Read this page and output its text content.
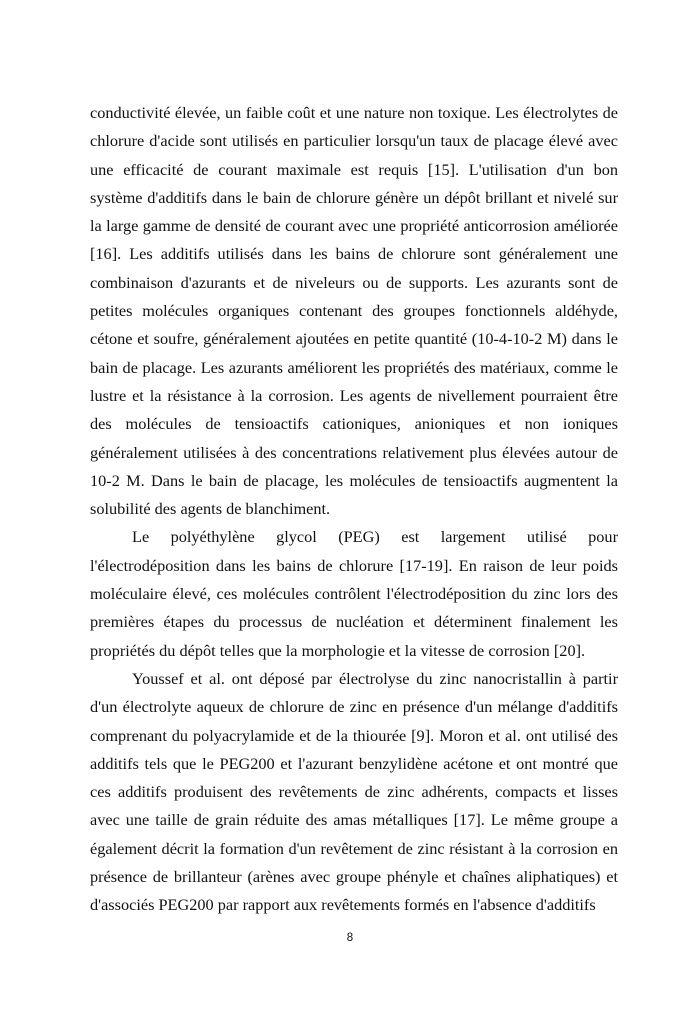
conductivité élevée, un faible coût et une nature non toxique. Les électrolytes de chlorure d'acide sont utilisés en particulier lorsqu'un taux de placage élevé avec une efficacité de courant maximale est requis [15]. L'utilisation d'un bon système d'additifs dans le bain de chlorure génère un dépôt brillant et nivelé sur la large gamme de densité de courant avec une propriété anticorrosion améliorée [16]. Les additifs utilisés dans les bains de chlorure sont généralement une combinaison d'azurants et de niveleurs ou de supports. Les azurants sont de petites molécules organiques contenant des groupes fonctionnels aldéhyde, cétone et soufre, généralement ajoutées en petite quantité (10-4-10-2 M) dans le bain de placage. Les azurants améliorent les propriétés des matériaux, comme le lustre et la résistance à la corrosion. Les agents de nivellement pourraient être des molécules de tensioactifs cationiques, anioniques et non ioniques généralement utilisées à des concentrations relativement plus élevées autour de 10-2 M. Dans le bain de placage, les molécules de tensioactifs augmentent la solubilité des agents de blanchiment.

Le polyéthylène glycol (PEG) est largement utilisé pour l'électrodéposition dans les bains de chlorure [17-19]. En raison de leur poids moléculaire élevé, ces molécules contrôlent l'électrodéposition du zinc lors des premières étapes du processus de nucléation et déterminent finalement les propriétés du dépôt telles que la morphologie et la vitesse de corrosion [20].

Youssef et al. ont déposé par électrolyse du zinc nanocristallin à partir d'un électrolyte aqueux de chlorure de zinc en présence d'un mélange d'additifs comprenant du polyacrylamide et de la thiourée [9]. Moron et al. ont utilisé des additifs tels que le PEG200 et l'azurant benzylidène acétone et ont montré que ces additifs produisent des revêtements de zinc adhérents, compacts et lisses avec une taille de grain réduite des amas métalliques [17]. Le même groupe a également décrit la formation d'un revêtement de zinc résistant à la corrosion en présence de brillanteur (arènes avec groupe phényle et chaînes aliphatiques) et d'associés PEG200 par rapport aux revêtements formés en l'absence d'additifs

8
